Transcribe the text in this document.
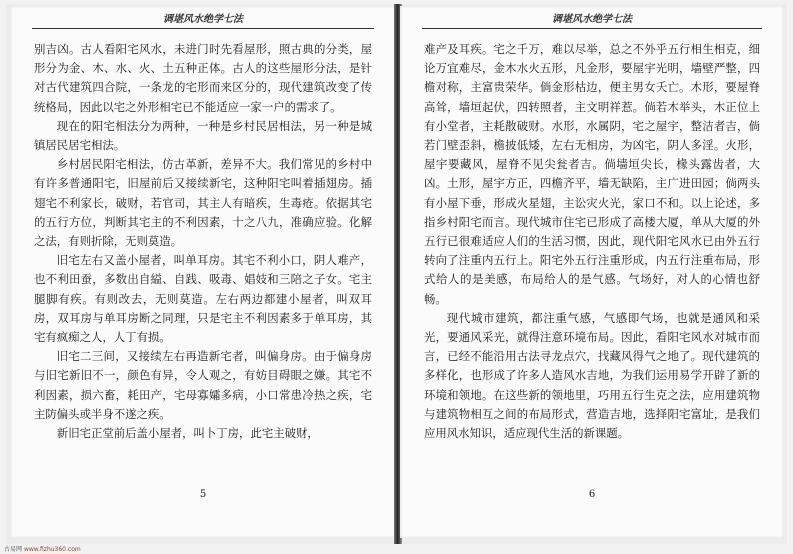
调堪风水绝学七法

别吉凶。古人看阳宅风水，未进门时先看屋形，照古典的分类，屋形分为金、木、水、火、土五种正体。古人的这些屋形分法，是针对古代建筑四合院，一条龙的宅形而来区分的，现代建筑改变了传统格局，因此以宅之外形相宅已不能适应一家一户的需求了。

现在的阳宅相法分为两种，一种是乡村民居相法，另一种是城镇居民居宅相法。

乡村居民阳宅相法，仿古革新，差异不大。我们常见的乡村中有许多普通阳宅，旧屋前后又接续新宅，这种阳宅叫着插翅房。插翅宅不利家长，破财，若官司，其主人有暗疾，生毒疮。依据其宅的五行方位，判断其宅主的不利因素，十之八九，准确应验。化解之法，有则折除，无则莫造。

旧宅左右又盖小屋者，叫单耳房。其宅不利小口，阴人难产，也不利田蚕，多数出自縊、自践、吸毒、娼妓和三陪之子女。宅主腿脚有疾。有则改去，无则莫造。左右两边都建小屋者，叫双耳房，双耳房与单耳房断之同理，只是宅主不利因素多于单耳房，其宅有疯痴之人，人丁有损。

旧宅二三间，又接续左右再造新宅者，叫偏身房。由于偏身房与旧宅新旧不一，颜色有异，令人观之，有妨目碍眼之嫌。其宅不利因素，损六畜，耗田产，宅母寡孀多病，小口常患冷热之疾，宅主防偏头或半身不遂之疾。

新旧宅正堂前后盖小屋者，叫卜丁房，此宅主破财，

5
调堪风水绝学七法

难产及耳疾。宅之千万，难以尽举，总之不外乎五行相生相克，细论万宜难尽，金木水火五形，凡金形，要屋宇光明，墙壁严整，四檐对称，主富贵荣华。倘金形枯边，便主男女夭亡。木形，要屋脊高耸，墙垣起伏，四转照者，主文明祥惹。倘若木举头，木正位上有小堂者，主耗散破财。水形，水属阴，宅之屋宇，整洁者吉，倘若门壁歪斜，檐披低矮，左右无相房，为凶宅，阴人多淫。火形，屋宇要藏风，屋脊不见尖瓮者吉。倘墙垣尖长，椽头露齿者，大凶。土形，屋宇方正，四檐齐平，墙无缺陷，主广进田园；倘两头有小屋下垂，形成火星翅，主讼灾火光，家口不和。以上论述，多指乡村阳宅而言。现代城市住宅已形成了高楼大厦，单从大厦的外五行已很难适应人们的生活习惯，因此，现代阳宅风水已由外五行转向了注重内五行上。阳宅外五行注重形成，内五行注重布局，形式给人的是美感，布局给人的是气感。气场好，对人的心情也舒畅。

现代城市建筑，都注重气感，气感即气场，也就是通风和采光，要通风采光，就得注意环境布局。因此，看阳宅风水对城市而言，已经不能沿用古法寻龙点穴，找藏风得气之地了。现代建筑的多样化，也形成了许多人造风水吉地，为我们运用易学开辟了新的环境和领地。在这些新的领地里，巧用五行生克之法，应用建筑物与建筑物相互之间的布局形式，营造吉地，选择阳宅富址，是我们应用风水知识，适应现代生活的新课题。

6
古易网 www.fizhu360.com
